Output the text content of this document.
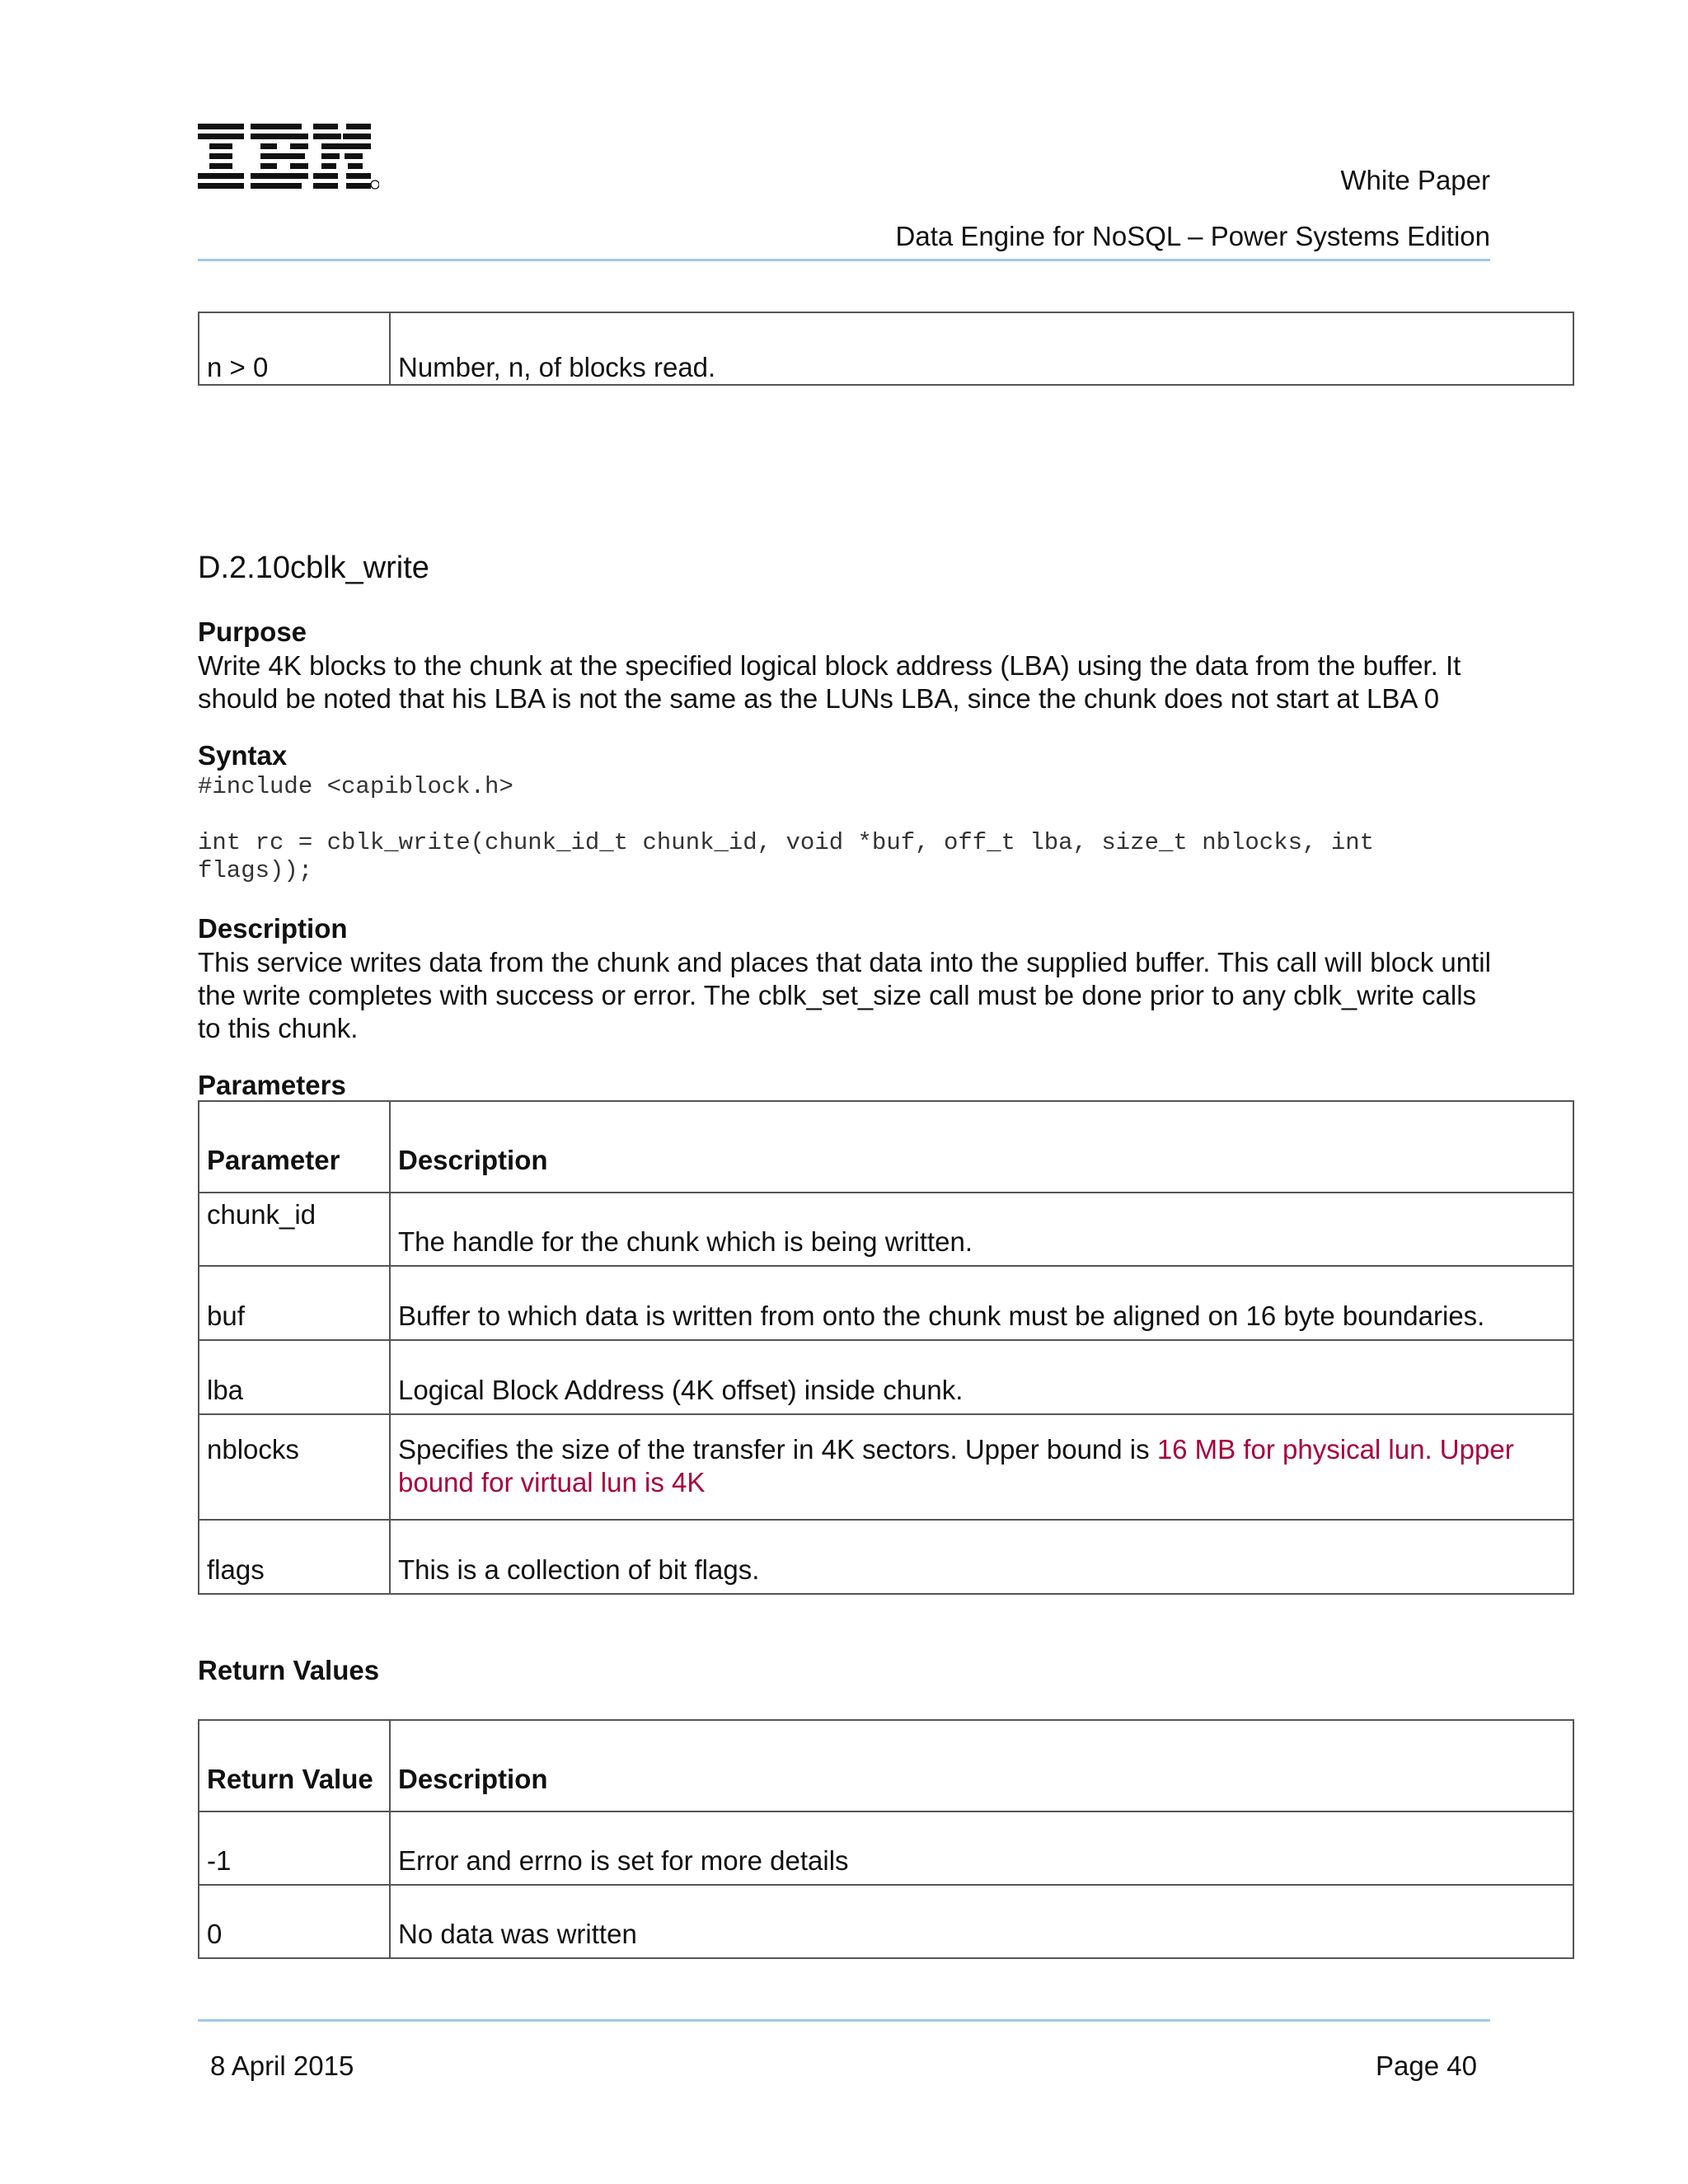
White Paper
Data Engine for NoSQL – Power Systems Edition
n > 0	Number, n, of blocks read.
D.2.10cblk_write
Purpose
Write 4K blocks to the chunk at the specified logical block address (LBA) using the data from the buffer. It should be noted that his LBA is not the same as the LUNs LBA, since the chunk does not start at LBA 0
Syntax
#include <capiblock.h>
int rc = cblk_write(chunk_id_t chunk_id, void *buf, off_t lba, size_t nblocks, int
flags));
Description
This service writes data from the chunk and places that data into the supplied buffer. This call will block until the write completes with success or error. The cblk_set_size call must be done prior to any cblk_write calls to this chunk.
Parameters
Parameter	Description
chunk_id	The handle for the chunk which is being written.
buf	Buffer to which data is written from onto the chunk must be aligned on 16 byte boundaries.
lba	Logical Block Address (4K offset) inside chunk.
nblocks	Specifies the size of the transfer in 4K sectors. Upper bound is 16 MB for physical lun. Upper bound for virtual lun is 4K
flags	This is a collection of bit flags.
Return Values
Return Value	Description
-1	Error and errno is set for more details
0	No data was written
8 April 2015	Page 40
